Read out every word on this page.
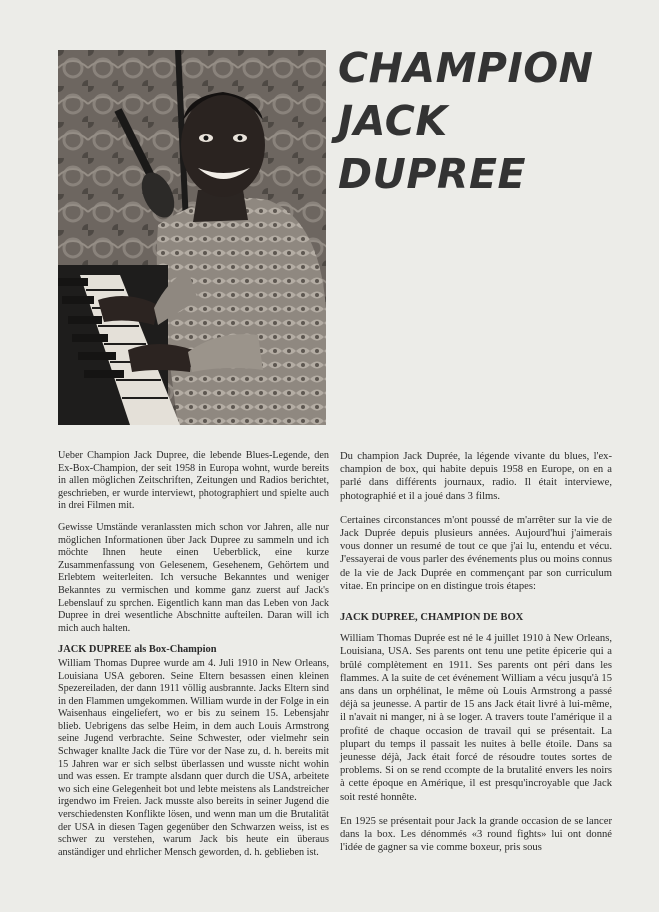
CHAMPION
JACK
DUPREE

Ueber Champion Jack Dupree, die lebende Blues-Legende, den Ex-Box-Champion, der seit 1958 in Europa wohnt, wurde bereits in allen möglichen Zeitschriften, Zeitungen und Radios berichtet, geschrieben, er wurde interviewt, photographiert und spielte auch in drei Filmen mit.

Gewisse Umstände veranlassten mich schon vor Jahren, alle nur möglichen Informationen über Jack Dupree zu sammeln und ich möchte Ihnen heute einen Ueberblick, eine kurze Zusammenfassung von Gelesenem, Gesehenem, Gehörtem und Erlebtem weiterleiten. Ich versuche Bekanntes und weniger Bekanntes zu vermischen und komme ganz zuerst auf Jack's Lebenslauf zu sprchen. Eigentlich kann man das Leben von Jack Dupree in drei wesentliche Abschnitte aufteilen. Daran will ich mich auch halten.

JACK DUPREE als Box-Champion

William Thomas Dupree wurde am 4. Juli 1910 in New Orleans, Louisiana USA geboren. Seine Eltern besassen einen kleinen Spezereiladen, der dann 1911 völlig ausbrannte. Jacks Eltern sind in den Flammen umgekommen. William wurde in der Folge in ein Waisenhaus eingeliefert, wo er bis zu seinem 15. Lebensjahr blieb. Uebrigens das selbe Heim, in dem auch Louis Armstrong seine Jugend verbrachte. Seine Schwester, oder vielmehr sein Schwager knallte Jack die Türe vor der Nase zu, d. h. bereits mit 15 Jahren war er sich selbst überlassen und wusste nicht wohin und was essen. Er trampte alsdann quer durch die USA, arbeitete wo sich eine Gelegenheit bot und lebte meistens als Landstreicher irgendwo im Freien. Jack musste also bereits in seiner Jugend die verschiedensten Konflikte lösen, und wenn man um die Brutalität der USA in diesen Tagen gegenüber den Schwarzen weiss, ist es schwer zu verstehen, warum Jack bis heute ein überaus anständiger und ehrlicher Mensch geworden, d. h. geblieben ist.

Du champion Jack Duprée, la légende vivante du blues, l'ex-champion de box, qui habite depuis 1958 en Europe, on en a parlé dans différents journaux, radio. Il était interviewe, photographié et il a joué dans 3 films.

Certaines circonstances m'ont poussé de m'arrêter sur la vie de Jack Duprée depuis plusieurs années. Aujourd'hui j'aimerais vous donner un resumé de tout ce que j'ai lu, entendu et vécu. J'essayerai de vous parler des événements plus ou moins connus de la vie de Jack Duprée en commençant par son curriculum vitae. En principe on en distingue trois étapes:

JACK DUPREE, CHAMPION DE BOX

William Thomas Duprée est né le 4 juillet 1910 à New Orleans, Louisiana, USA. Ses parents ont tenu une petite épicerie qui a brûlé complètement en 1911. Ses parents ont péri dans les flammes. A la suite de cet événement William a vécu jusqu'à 15 ans dans un orphélinat, le même où Louis Armstrong a passé déjà sa jeunesse. A partir de 15 ans Jack était livré à lui-même, il n'avait ni manger, ni à se loger. A travers toute l'amérique il a profité de chaque occasion de travail qui se présentait. La plupart du temps il passait les nuites à belle étoile. Dans sa jeunesse déjà, Jack était forcé de résoudre toutes sortes de problems. Si on se rend ccompte de la brutalité envers les noirs à cette époque en Amérique, il est presqu'incroyable que Jack soit resté honnête.

En 1925 se présentait pour Jack la grande occasion de se lancer dans la box. Les dénommés «3 round fights» lui ont donné l'idée de gagner sa vie comme boxeur, pris sous
